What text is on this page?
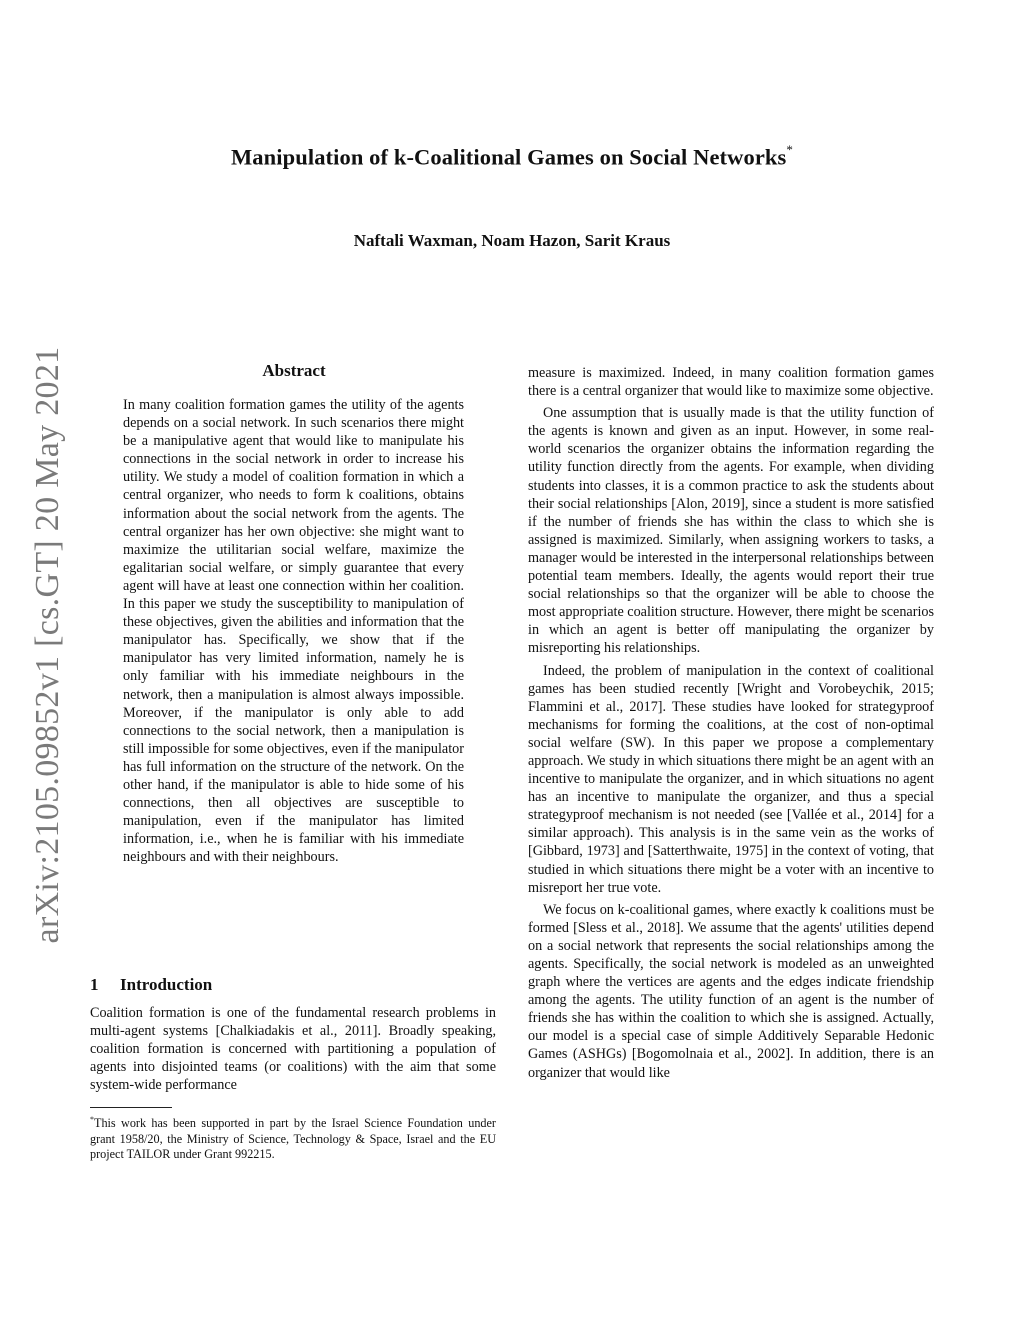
arXiv:2105.09852v1 [cs.GT] 20 May 2021
Manipulation of k-Coalitional Games on Social Networks*
Naftali Waxman, Noam Hazon, Sarit Kraus
Abstract
In many coalition formation games the utility of the agents depends on a social network. In such scenarios there might be a manipulative agent that would like to manipulate his connections in the social network in order to increase his utility. We study a model of coalition formation in which a central organizer, who needs to form k coalitions, obtains information about the social network from the agents. The central organizer has her own objective: she might want to maximize the utilitarian social welfare, maximize the egalitarian social welfare, or simply guarantee that every agent will have at least one connection within her coalition. In this paper we study the susceptibility to manipulation of these objectives, given the abilities and information that the manipulator has. Specifically, we show that if the manipulator has very limited information, namely he is only familiar with his immediate neighbours in the network, then a manipulation is almost always impossible. Moreover, if the manipulator is only able to add connections to the social network, then a manipulation is still impossible for some objectives, even if the manipulator has full information on the structure of the network. On the other hand, if the manipulator is able to hide some of his connections, then all objectives are susceptible to manipulation, even if the manipulator has limited information, i.e., when he is familiar with his immediate neighbours and with their neighbours.
1 Introduction

Coalition formation is one of the fundamental research problems in multi-agent systems [Chalkiadakis et al., 2011]. Broadly speaking, coalition formation is concerned with partitioning a population of agents into disjointed teams (or coalitions) with the aim that some system-wide performance

*This work has been supported in part by the Israel Science Foundation under grant 1958/20, the Ministry of Science, Technology & Space, Israel and the EU project TAILOR under Grant 992215.

measure is maximized. Indeed, in many coalition formation games there is a central organizer that would like to maximize some objective.

One assumption that is usually made is that the utility function of the agents is known and given as an input. However, in some real-world scenarios the organizer obtains the information regarding the utility function directly from the agents. For example, when dividing students into classes, it is a common practice to ask the students about their social relationships [Alon, 2019], since a student is more satisfied if the number of friends she has within the class to which she is assigned is maximized. Similarly, when assigning workers to tasks, a manager would be interested in the interpersonal relationships between potential team members. Ideally, the agents would report their true social relationships so that the organizer will be able to choose the most appropriate coalition structure. However, there might be scenarios in which an agent is better off manipulating the organizer by misreporting his relationships.

Indeed, the problem of manipulation in the context of coalitional games has been studied recently [Wright and Vorobeychik, 2015; Flammini et al., 2017]. These studies have looked for strategyproof mechanisms for forming the coalitions, at the cost of non-optimal social welfare (SW). In this paper we propose a complementary approach. We study in which situations there might be an agent with an incentive to manipulate the organizer, and in which situations no agent has an incentive to manipulate the organizer, and thus a special strategyproof mechanism is not needed (see [Vallée et al., 2014] for a similar approach). This analysis is in the same vein as the works of [Gibbard, 1973] and [Satterthwaite, 1975] in the context of voting, that studied in which situations there might be a voter with an incentive to misreport her true vote.

We focus on k-coalitional games, where exactly k coalitions must be formed [Sless et al., 2018]. We assume that the agents' utilities depend on a social network that represents the social relationships among the agents. Specifically, the social network is modeled as an unweighted graph where the vertices are agents and the edges indicate friendship among the agents. The utility function of an agent is the number of friends she has within the coalition to which she is assigned. Actually, our model is a special case of simple Additively Separable Hedonic Games (ASHGs) [Bogomolnaia et al., 2002]. In addition, there is an organizer that would like
